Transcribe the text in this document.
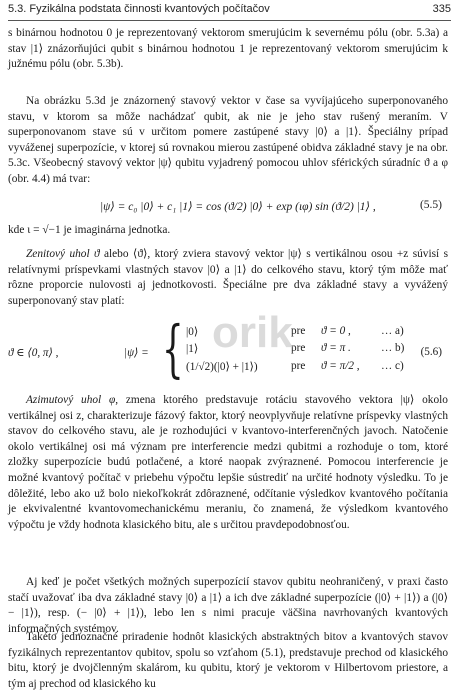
5.3. Fyzikálna podstata činnosti kvantových počítačov	335

s binárnou hodnotou 0 je reprezentovaný vektorom smerujúcim k severnému pólu (obr. 5.3a) a stav |1⟩ znázorňujúci qubit s binárnou hodnotou 1 je reprezentovaný vektorom smerujúcim k južnému pólu (obr. 5.3b).

Na obrázku 5.3d je znázornený stavový vektor v čase sa vyvíjajúceho superponovaného stavu, v ktorom sa môže nachádzať qubit, ak nie je jeho stav rušený meraním. V superponovanom stave sú v určitom pomere zastúpené stavy |0⟩ a |1⟩. Špeciálny prípad vyváženej superpozície, v ktorej sú rovnakou mierou zastúpené obidva základné stavy je na obr. 5.3c. Všeobecný stavový vektor |ψ⟩ qubitu vyjadrený pomocou uhlov sférických súradníc ϑ a φ (obr. 4.4) má tvar:

|ψ⟩ = c₀ |0⟩ + c₁ |1⟩ = cos (ϑ/2) |0⟩ + exp (ιφ) sin (ϑ/2) |1⟩ ,	(5.5)
kde ι = √−1 je imaginárna jednotka.

Zenitový uhol ϑ alebo ⟨ϑ⟩, ktorý zviera stavový vektor |ψ⟩ s vertikálnou osou +z súvisí s relatívnymi príspevkami vlastných stavov |0⟩ a |1⟩ do celkového stavu, ktorý tým môže mať rôzne proporcie nulovosti aj jednotkovosti. Špeciálne pre dva základné stavy a vyvážený superponovaný stav platí:

ϑ ∈ ⟨0, π⟩ ,	|ψ⟩ = { |0⟩	pre ϑ = 0 ,	… a)
|1⟩	pre ϑ = π .	… b)
(1/√2)(|0⟩ + |1⟩)	pre ϑ = π/2 , … c)
(5.6)

Azimutový uhol φ, zmena ktorého predstavuje rotáciu stavového vektora |ψ⟩ okolo vertikálnej osi z, charakterizuje fázový faktor, ktorý neovplyvňuje relatívne príspevky vlastných stavov do celkového stavu, ale je rozhodujúci v kvantovo-interferenčných javoch. Natočenie okolo vertikálnej osi má význam pre interferencie medzi qubitmi a rozhoduje o tom, ktoré zložky superpozície budú potlačené, a ktoré naopak zvýraznené. Pomocou interferencie je možné kvantový počítač v priebehu výpočtu lepšie sústrediť na určité hodnoty výsledku. To je dôležité, lebo ako už bolo niekoľkokrát zdôraznené, odčítanie výsledkov kvantového počítania je ekvivalentné kvantovomechanickému meraniu, čo znamená, že výsledkom kvantového výpočtu je vždy hodnota klasického bitu, ale s určitou pravdepodobnosťou.

Aj keď je počet všetkých možných superpozícií stavov qubitu neohraničený, v praxi často stačí uvažovať iba dva základné stavy |0⟩ a |1⟩ a ich dve základné superpozície (|0⟩ + |1⟩) a (|0⟩ − |1⟩), resp. (− |0⟩ + |1⟩), lebo len s nimi pracuje väčšina navrhovaných kvantových informačných systémov.

Takéto jednoznačné priradenie hodnôt klasických abstraktných bitov a kvantových stavov fyzikálnych reprezentantov qubitov, spolu so vzťahom (5.1), predstavuje prechod od klasického bitu, ktorý je dvojčlenným skalárom, ku qubitu, ktorý je vektorom v Hilbertovom priestore, a tým aj prechod od klasického ku

orik
